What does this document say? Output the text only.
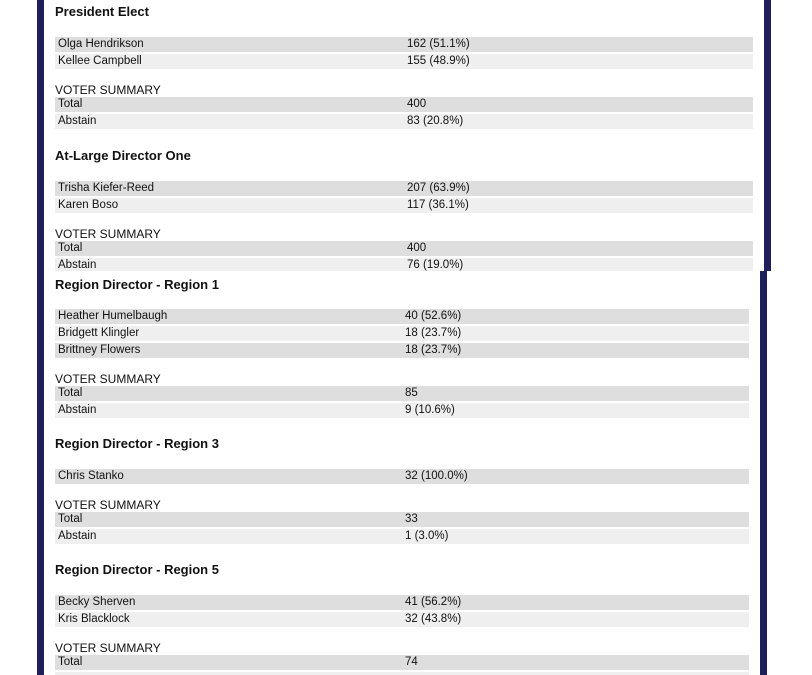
President Elect
Olga Hendrikson	162 (51.1%)
Kellee Campbell	155 (48.9%)
VOTER SUMMARY
Total	400
Abstain	83 (20.8%)
At-Large Director One
Trisha Kiefer-Reed	207 (63.9%)
Karen Boso	117 (36.1%)
VOTER SUMMARY
Total	400
Abstain	76 (19.0%)
Region Director - Region 1
Heather Humelbaugh	40 (52.6%)
Bridgett Klingler	18 (23.7%)
Brittney Flowers	18 (23.7%)
VOTER SUMMARY
Total	85
Abstain	9 (10.6%)
Region Director - Region 3
Chris Stanko	32 (100.0%)
VOTER SUMMARY
Total	33
Abstain	1 (3.0%)
Region Director - Region 5
Becky Sherven	41 (56.2%)
Kris Blacklock	32 (43.8%)
VOTER SUMMARY
Total	74
